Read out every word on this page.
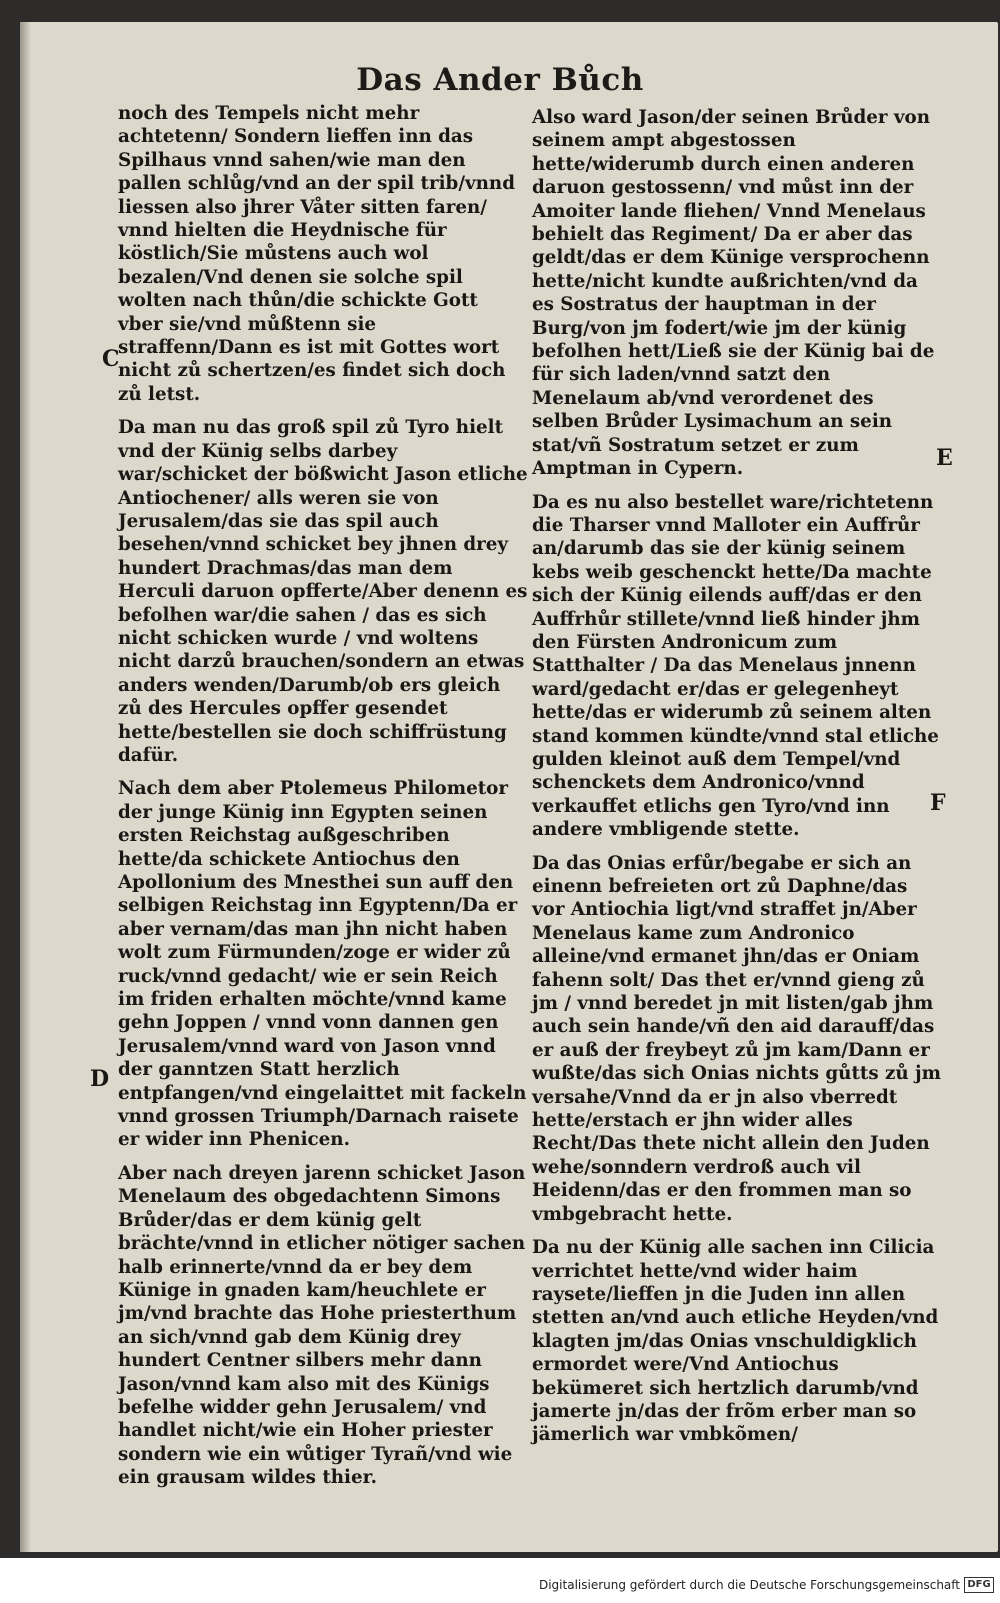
Das Ander Bůch

noch des Tempels nicht mehr achtetenn/ Sondern lieffen inn das Spilhaus vnnd sahen/wie man den pallen schlůg/vnd an der spil trib/vnnd liessen also jhrer Våter sitten faren/ vnnd hielten die Heydnische für köstlich/Sie můstens auch wol bezalen/Vnd denen sie solche spil wolten nach thůn/die schickte Gott vber sie/vnd můßtenn sie straffenn/Dann es ist mit Gottes wort nicht zů schertzen/es findet sich doch zů letst.

Da man nu das groß spil zů Tyro hielt vnd der Künig selbs darbey war/schicket der bößwicht Jason etliche Antiochener/ alls weren sie von Jerusalem/das sie das spil auch besehen/vnnd schicket bey jhnen drey hundert Drachmas/das man dem Herculi daruon opfferte/Aber denenn es befolhen war/die sahen / das es sich nicht schicken wurde / vnd woltens nicht darzů brauchen/sondern an etwas anders wenden/Darumb/ob ers gleich zů des Hercules opffer gesendet hette/bestellen sie doch schiffrüstung dafür.

Nach dem aber Ptolemeus Philometor der junge Künig inn Egypten seinen ersten Reichstag außgeschriben hette/da schickete Antiochus den Apollonium des Mnesthei sun auff den selbigen Reichstag inn Egyptenn/Da er aber vernam/das man jhn nicht haben wolt zum Fürmunden/zoge er wider zů ruck/vnnd gedacht/ wie er sein Reich im friden erhalten möchte/vnnd kame gehn Joppen / vnnd vonn dannen gen Jerusalem/vnnd ward von Jason vnnd der ganntzen Statt herzlich entpfangen/vnd eingelaittet mit fackeln vnnd grossen Triumph/Darnach raisete er wider inn Phenicen.

Aber nach dreyen jarenn schicket Jason Menelaum des obgedachtenn Simons Brůder/das er dem künig gelt brächte/vnnd in etlicher nötiger sachen halb erinnerte/vnnd da er bey dem Künige in gnaden kam/heuchlete er jm/vnd brachte das Hohe priesterthum an sich/vnnd gab dem Künig drey hundert Centner silbers mehr dann Jason/vnnd kam also mit des Künigs befelhe widder gehn Jerusalem/ vnd handlet nicht/wie ein Hoher priester sondern wie ein wůtiger Tyrañ/vnd wie ein grausam wildes thier.

Also ward Jason/der seinen Brůder von seinem ampt abgestossen hette/widerumb durch einen anderen daruon gestossenn/ vnd můst inn der Amoiter lande fliehen/ Vnnd Menelaus behielt das Regiment/ Da er aber das geldt/das er dem Künige versprochenn hette/nicht kundte außrichten/vnd da es Sostratus der hauptman in der Burg/von jm fodert/wie jm der künig befolhen hett/Ließ sie der Künig bai de für sich laden/vnnd satzt den Menelaum ab/vnd verordenet des selben Brůder Lysimachum an sein stat/vñ Sostratum setzet er zum Amptman in Cypern.

Da es nu also bestellet ware/richtetenn die Tharser vnnd Malloter ein Auffrůr an/darumb das sie der künig seinem kebs weib geschenckt hette/Da machte sich der Künig eilends auff/das er den Auffrhůr stillete/vnnd ließ hinder jhm den Fürsten Andronicum zum Statthalter / Da das Menelaus jnnenn ward/gedacht er/das er gelegenheyt hette/das er widerumb zů seinem alten stand kommen kündte/vnnd stal etliche gulden kleinot auß dem Tempel/vnd schenckets dem Andronico/vnnd verkauffet etlichs gen Tyro/vnd inn andere vmbligende stette.

Da das Onias erfůr/begabe er sich an einenn befreieten ort zů Daphne/das vor Antiochia ligt/vnd straffet jn/Aber Menelaus kame zum Andronico alleine/vnd ermanet jhn/das er Oniam fahenn solt/ Das thet er/vnnd gieng zů jm / vnnd beredet jn mit listen/gab jhm auch sein hande/vñ den aid darauff/das er auß der freybeyt zů jm kam/Dann er wußte/das sich Onias nichts gůtts zů jm versahe/Vnnd da er jn also vberredt hette/erstach er jhn wider alles Recht/Das thete nicht allein den Juden wehe/sonndern verdroß auch vil Heidenn/das er den frommen man so vmbgebracht hette.

Da nu der Künig alle sachen inn Cilicia verrichtet hette/vnd wider haim raysete/lieffen jn die Juden inn allen stetten an/vnd auch etliche Heyden/vnd klagten jm/das Onias vnschuldigklich ermordet were/Vnd Antiochus bekümeret sich hertzlich darumb/vnd jamerte jn/das der frõm erber man so jämerlich war vmbkõmen/

C
D
E
F
Digitalisierung gefördert durch die Deutsche Forschungsgemeinschaft DFG
